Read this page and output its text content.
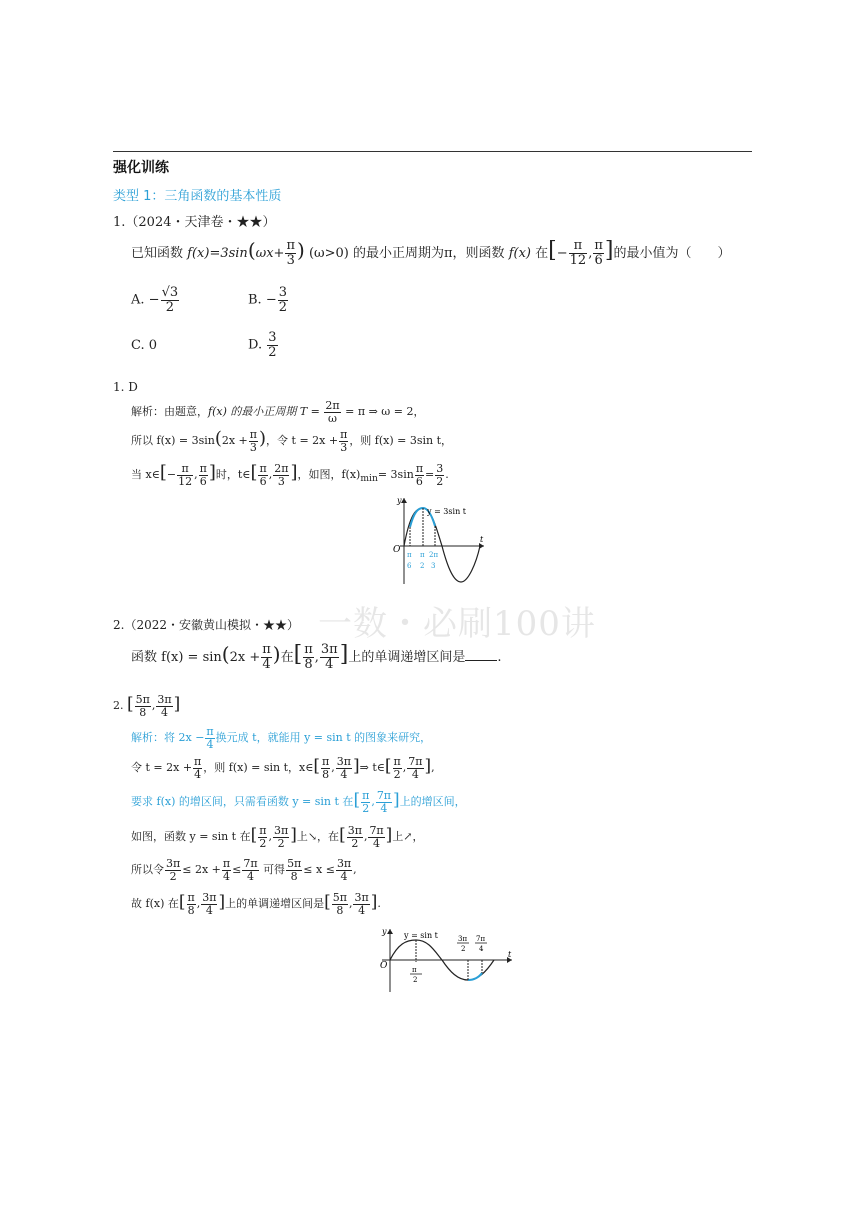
强化训练
类型 1：三角函数的基本性质
1.（2024・天津卷・★★）
已知函数 $f(x)=3\sin(\omega x+ \frac{\pi}{3}$ ) (ω>0) 的最小正周期为π，则函数 f(x) 在[− $\frac{\pi}{12}$ , $\frac{\pi}{6}$ ]的最小值为（　　）
A. − $\frac{√3}{2}$	B. − $\frac{3}{2}$
C. 0	D. $\frac{3}{2}$
1. D
解析：由题意，f(x) 的最小正周期 $T = \frac{2\pi}{\omega} = \pi$ ⇒ ω = 2，
所以 $f(x) = 3\sin(2x + \frac{\pi}{3}$ )，令 $t = 2x + \frac{\pi}{3}$ ，则 f(x) = 3sin t，
当 x∈[− $\frac{\pi}{12}$ , $\frac{\pi}{6}$ ]时，t∈[ $\frac{\pi}{6}$ , $\frac{2\pi}{3}$ ]，如图，$f(x)_{min}= 3\sin \frac{\pi}{6} = \frac{3}{2}$ .
y
t
O
y = 3sin t
π π 2π
6 2 3
一数・必刷100讲
2.（2022・安徽黄山模拟・★★）
函数 $f(x) = \sin(2x + \frac{\pi}{4}$ )在[ $\frac{\pi}{8}$ , $\frac{3\pi}{4}$ ]上的单调递增区间是 .
2. [ $\frac{5\pi}{8}$ , $\frac{3\pi}{4}$ ]
解析：将 $2x - \frac{\pi}{4}$ 换元成 t，就能用 y = sin t 的图象来研究，
令 $t = 2x + \frac{\pi}{4}$ ，则 f(x) = sin t，x∈[ $\frac{\pi}{8}$ , $\frac{3\pi}{4}$ ]⇒ t∈[ $\frac{\pi}{2}$ , $\frac{7\pi}{4}$ ],
要求 f(x) 的增区间，只需看函数 y = sin t 在[ $\frac{\pi}{2}$ , $\frac{7\pi}{4}$ ]上的增区间，
如图，函数 y = sin t 在[ $\frac{\pi}{2}$ , $\frac{3\pi}{2}$ ]上↘，在[ $\frac{3\pi}{2}$ , $\frac{7\pi}{4}$ ]上↗，
所以令 $\frac{3\pi}{2} \le 2x + \frac{\pi}{4} \le \frac{7\pi}{4}$ 可得 $\frac{5\pi}{8} \le x \le \frac{3\pi}{4}$ ,
故 f(x) 在[ $\frac{\pi}{8}$ , $\frac{3\pi}{4}$ ]上的单调递增区间是[ $\frac{5\pi}{8}$ , $\frac{3\pi}{4}$ ].
y
t
O
y = sin t	3π
2
7π
4
π
2
